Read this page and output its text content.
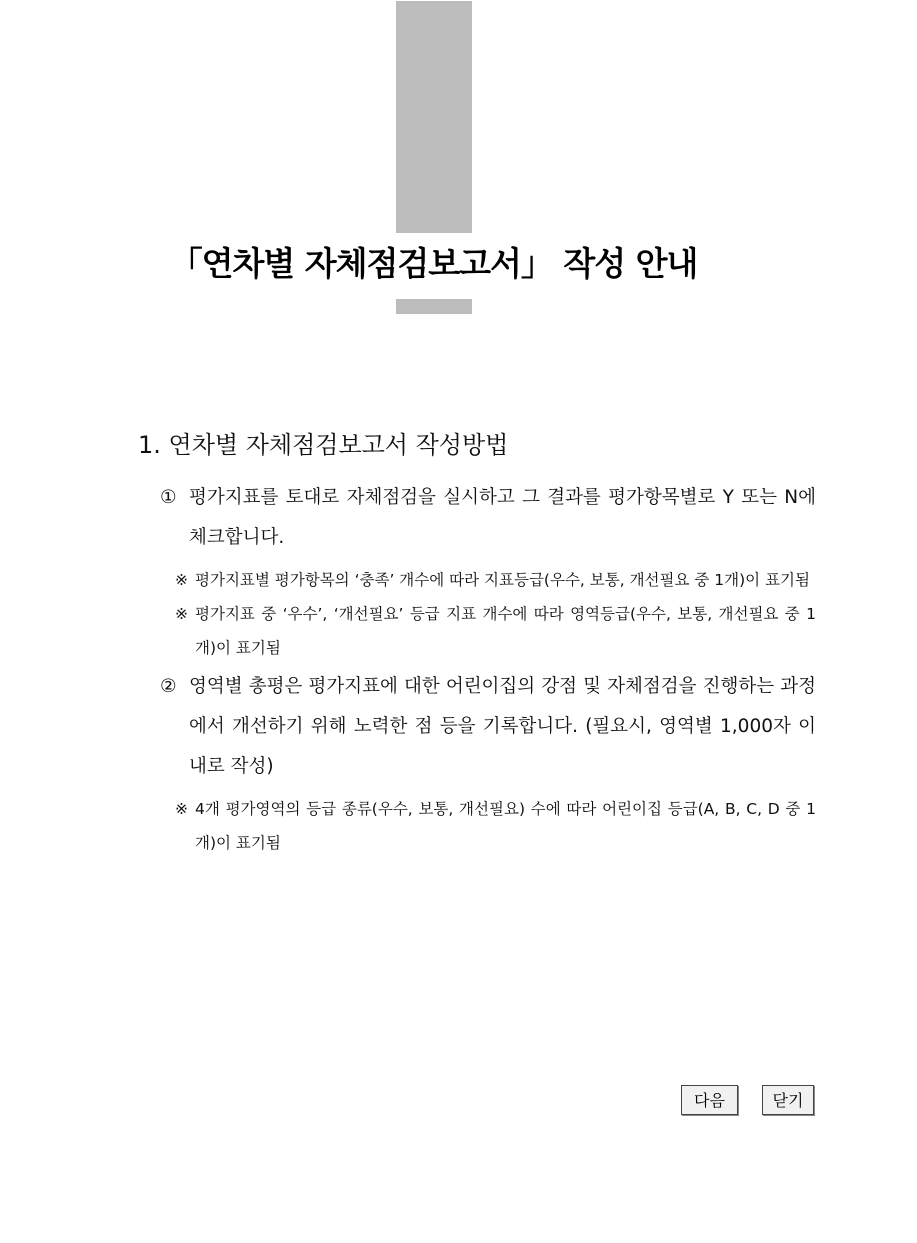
「연차별 자체점검보고서」 작성 안내
1. 연차별 자체점검보고서 작성방법
① 평가지표를 토대로 자체점검을 실시하고 그 결과를 평가항목별로 Y 또는 N에 체크합니다.
※ 평가지표별 평가항목의 ‘충족’ 개수에 따라 지표등급(우수, 보통, 개선필요 중 1개)이 표기됨
※ 평가지표 중 ‘우수’, ‘개선필요’ 등급 지표 개수에 따라 영역등급(우수, 보통, 개선필요 중 1개)이 표기됨
② 영역별 총평은 평가지표에 대한 어린이집의 강점 및 자체점검을 진행하는 과정에서 개선하기 위해 노력한 점 등을 기록합니다. (필요시, 영역별 1,000자 이내로 작성)
※ 4개 평가영역의 등급 종류(우수, 보통, 개선필요) 수에 따라 어린이집 등급(A, B, C, D 중 1개)이 표기됨
다음	닫기
